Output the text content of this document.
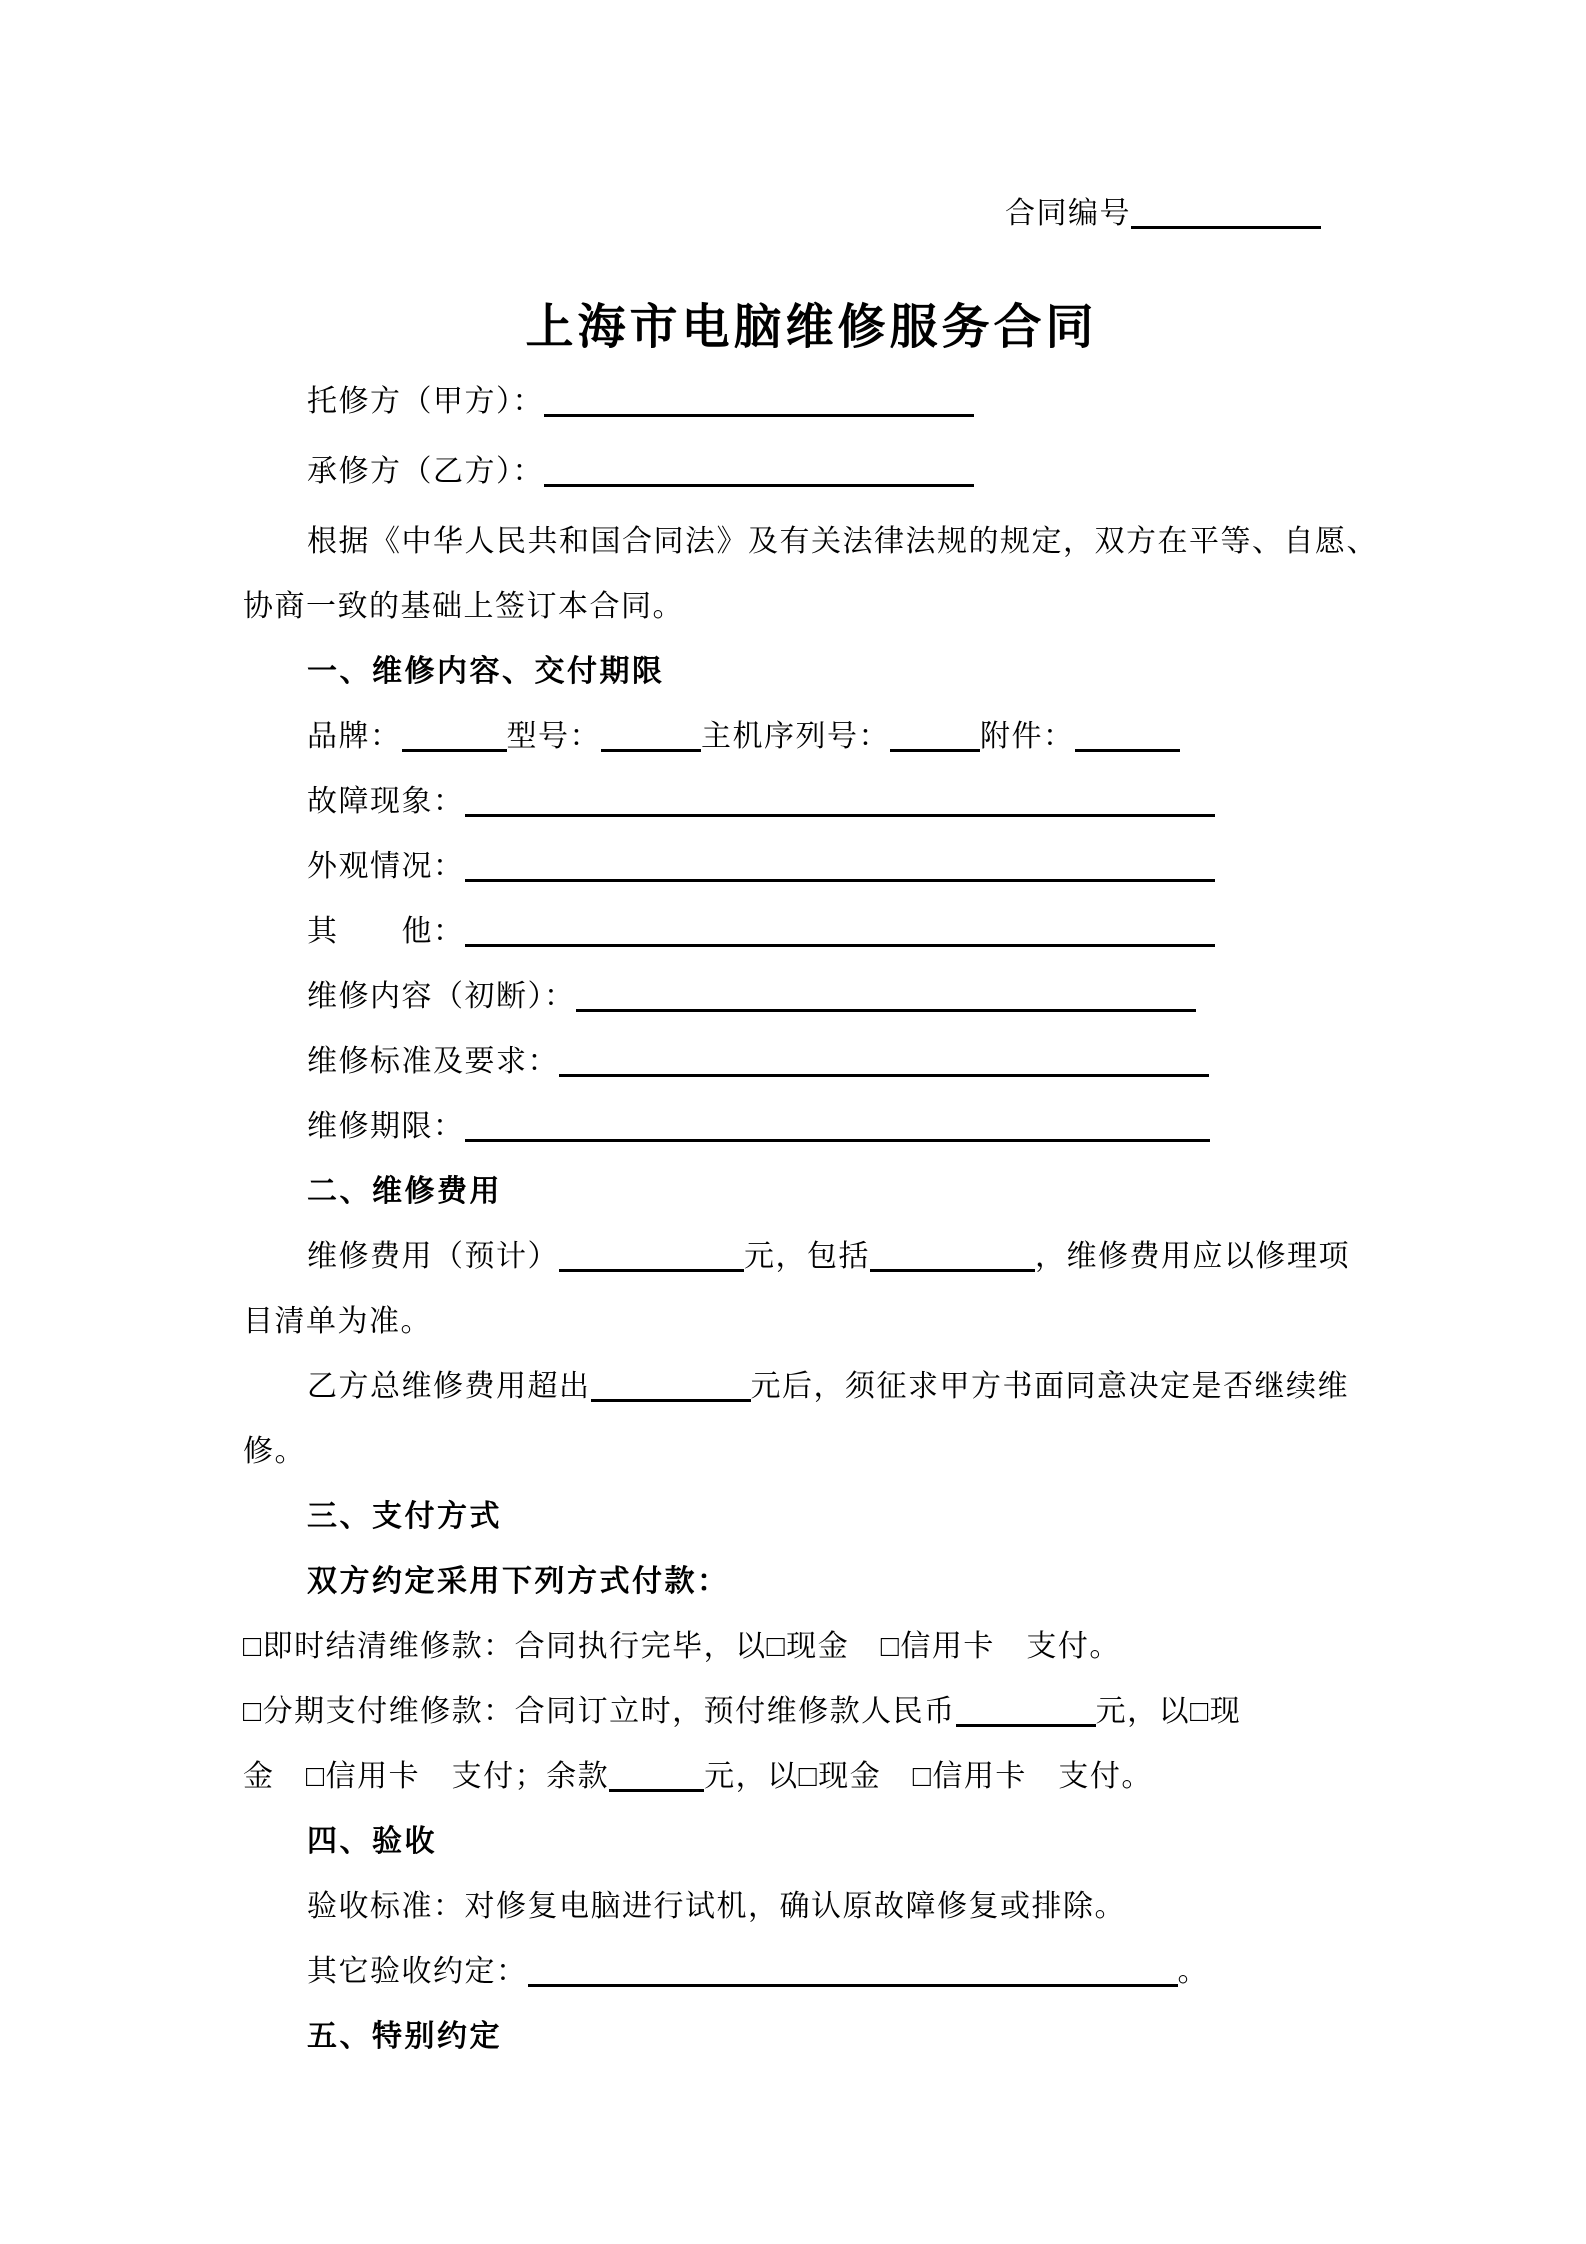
合同编号
上海市电脑维修服务合同
托修方（甲方）：
承修方（乙方）：
根据《中华人民共和国合同法》及有关法律法规的规定，双方在平等、自愿、
协商一致的基础上签订本合同。
一、维修内容、交付期限
品牌：	型号：	主机序列号：	附件：
故障现象：
外观情况：
其　　他：
维修内容（初断）：
维修标准及要求：
维修期限：
二、维修费用
维修费用（预计）	元，包括	，维修费用应以修理项
目清单为准。
乙方总维修费用超出	元后，须征求甲方书面同意决定是否继续维
修。
三、支付方式
双方约定采用下列方式付款：
□即时结清维修款：合同执行完毕，以□现金　□信用卡　支付。
□分期支付维修款：合同订立时，预付维修款人民币	元，以□现
金　□信用卡　支付；余款	元，以□现金　□信用卡　支付。
四、验收
验收标准：对修复电脑进行试机，确认原故障修复或排除。
其它验收约定：	。
五、特别约定
